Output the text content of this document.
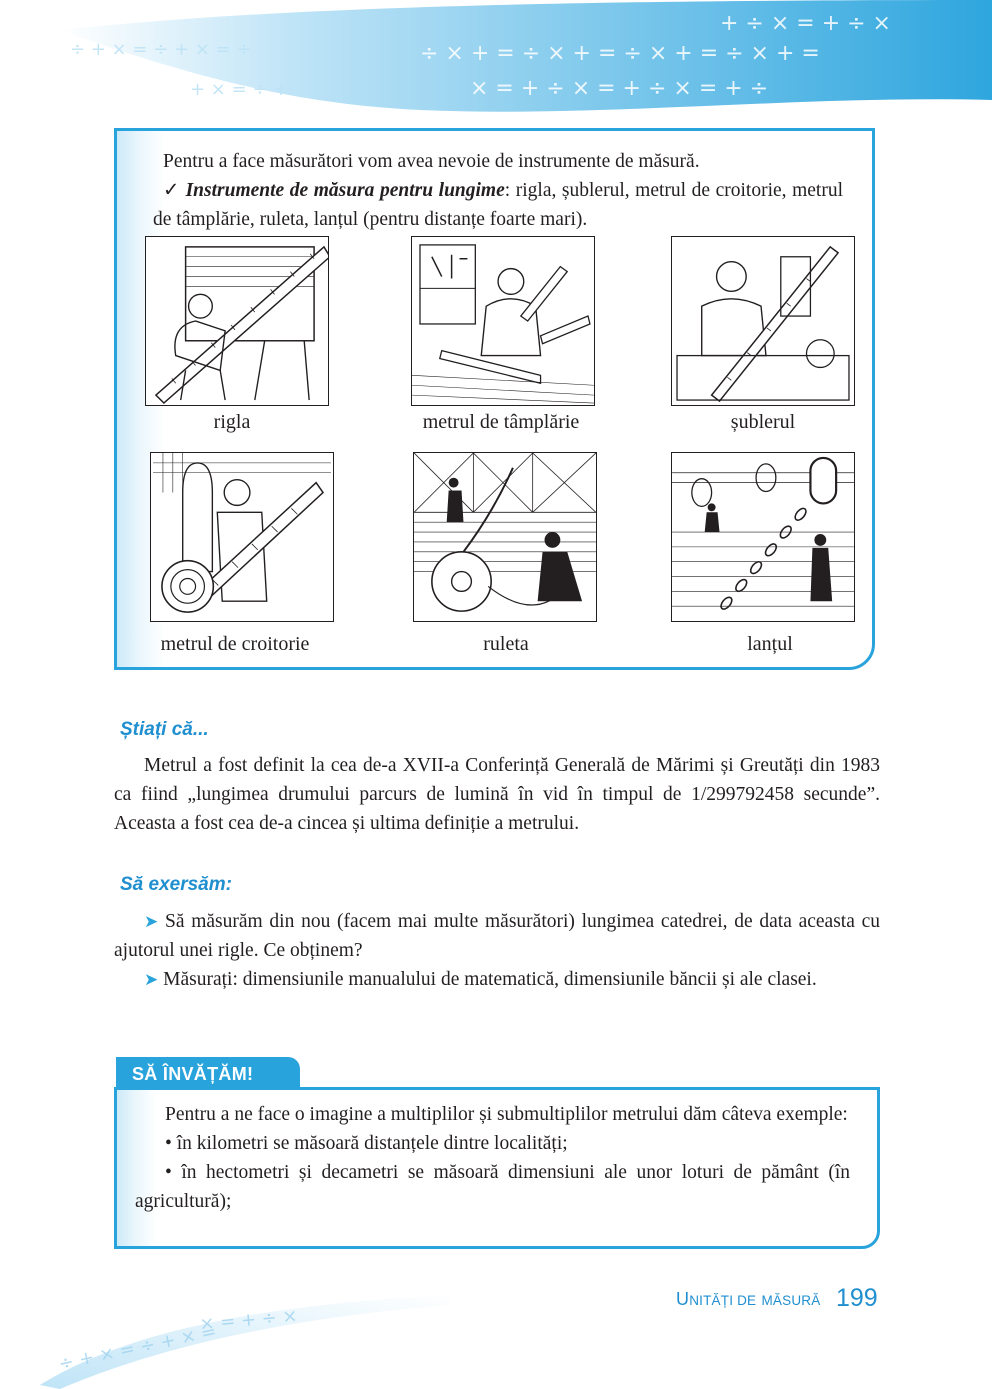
÷ × + = ÷ × + = ÷ × + = ÷ × + =
× = + ÷ × = + ÷ × = + ÷
+ ÷ × = + ÷ ×
÷ + × = ÷ + × = ÷
+ × = ÷ + ×

Pentru a face măsurători vom avea nevoie de instrumente de măsură.

✓ Instrumente de măsura pentru lungime: rigla, șublerul, metrul de croitorie, metrul de tâmplărie, ruleta, lanțul (pentru distanțe foarte mari).

rigla	metrul de tâmplărie	șublerul
metrul de croitorie	ruleta	lanțul
Știați că...

Metrul a fost definit la cea de-a XVII-a Conferință Generală de Mărimi și Greutăți din 1983 ca fiind „lungimea drumului parcurs de lumină în vid în timpul de 1/299792458 secunde”. Aceasta a fost cea de-a cincea și ultima definiție a metrului.

Să exersăm:

➤ Să măsurăm din nou (facem mai multe măsurători) lungimea catedrei, de data aceasta cu ajutorul unei rigle. Ce obținem?

➤ Măsurați: dimensiunile manualului de matematică, dimensiunile băncii și ale clasei.

SĂ ÎNVĂȚĂM!

Pentru a ne face o imagine a multiplilor și submultiplilor metrului dăm câteva exemple:

• în kilometri se măsoară distanțele dintre localități;

• în hectometri și decametri se măsoară dimensiuni ale unor loturi de pământ (în agricultură);

÷ + × = ÷ + × =
× = + ÷ ×
UNITĂȚI DE MĂSURĂ 199
